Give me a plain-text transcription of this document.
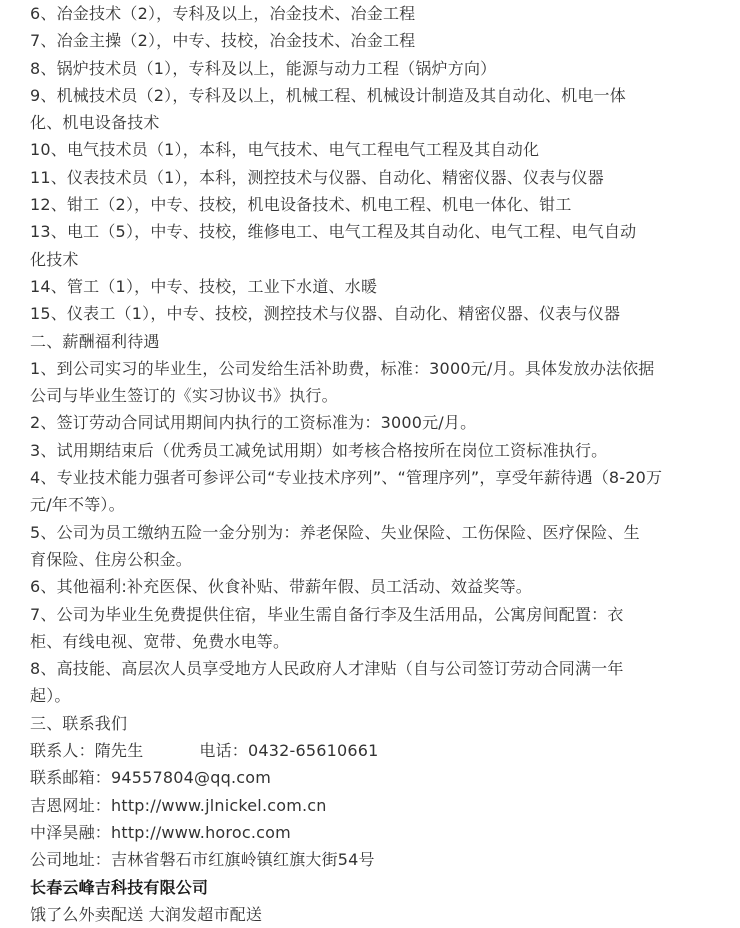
6、冶金技术（2），专科及以上，冶金技术、冶金工程
7、冶金主操（2），中专、技校，冶金技术、冶金工程
8、锅炉技术员（1），专科及以上，能源与动力工程（锅炉方向）
9、机械技术员（2），专科及以上，机械工程、机械设计制造及其自动化、机电一体
化、机电设备技术
10、电气技术员（1），本科，电气技术、电气工程电气工程及其自动化
11、仪表技术员（1），本科，测控技术与仪器、自动化、精密仪器、仪表与仪器
12、钳工（2），中专、技校，机电设备技术、机电工程、机电一体化、钳工
13、电工（5），中专、技校，维修电工、电气工程及其自动化、电气工程、电气自动
化技术
14、管工（1），中专、技校，工业下水道、水暖
15、仪表工（1），中专、技校，测控技术与仪器、自动化、精密仪器、仪表与仪器
二、薪酬福利待遇
1、到公司实习的毕业生，公司发给生活补助费，标准：3000元/月。具体发放办法依据
公司与毕业生签订的《实习协议书》执行。
2、签订劳动合同试用期间内执行的工资标准为：3000元/月。
3、试用期结束后（优秀员工减免试用期）如考核合格按所在岗位工资标准执行。
4、专业技术能力强者可参评公司“专业技术序列”、“管理序列”，享受年薪待遇（8-20万
元/年不等）。
5、公司为员工缴纳五险一金分别为：养老保险、失业保险、工伤保险、医疗保险、生
育保险、住房公积金。
6、其他福利:补充医保、伙食补贴、带薪年假、员工活动、效益奖等。
7、公司为毕业生免费提供住宿，毕业生需自备行李及生活用品，公寓房间配置：衣
柜、有线电视、宽带、免费水电等。
8、高技能、高层次人员享受地方人民政府人才津贴（自与公司签订劳动合同满一年
起）。
三、联系我们
联系人：隋先生	电话：0432-65610661
联系邮箱：94557804@qq.com
吉恩网址：http://www.jlnickel.com.cn
中泽昊融：http://www.horoc.com
公司地址：吉林省磐石市红旗岭镇红旗大街54号
长春云峰吉科技有限公司
饿了么外卖配送 大润发超市配送
